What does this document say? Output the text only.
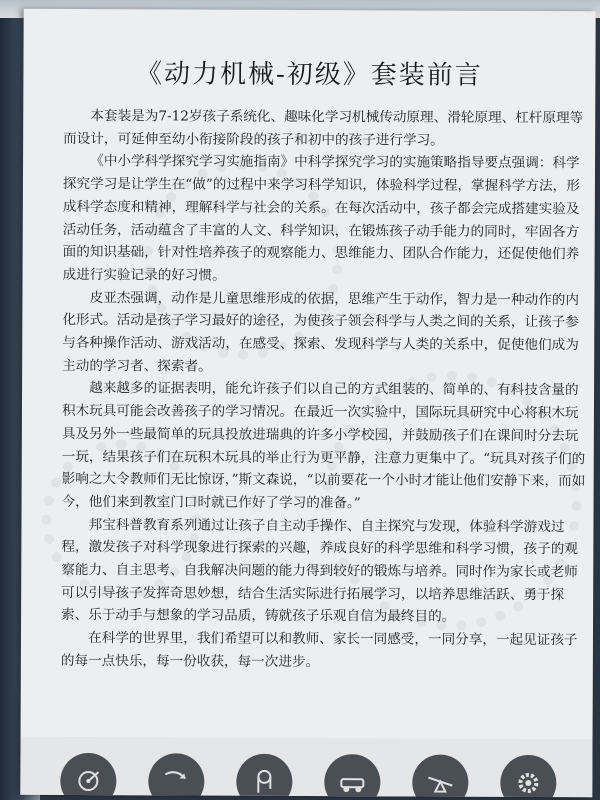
《动力机械-初级》套装前言

本套装是为7-12岁孩子系统化、趣味化学习机械传动原理、滑轮原理、杠杆原理等而设计，可延伸至幼小衔接阶段的孩子和初中的孩子进行学习。

《中小学科学探究学习实施指南》中科学探究学习的实施策略指导要点强调：科学探究学习是让学生在“做”的过程中来学习科学知识，体验科学过程，掌握科学方法，形成科学态度和精神，理解科学与社会的关系。在每次活动中，孩子都会完成搭建实验及活动任务，活动蕴含了丰富的人文、科学知识，在锻炼孩子动手能力的同时，牢固各方面的知识基础，针对性培养孩子的观察能力、思维能力、团队合作能力，还促使他们养成进行实验记录的好习惯。

皮亚杰强调，动作是儿童思维形成的依据，思维产生于动作，智力是一种动作的内化形式。活动是孩子学习最好的途径，为使孩子领会科学与人类之间的关系，让孩子参与各种操作活动、游戏活动，在感受、探索、发现科学与人类的关系中，促使他们成为主动的学习者、探索者。

越来越多的证据表明，能允许孩子们以自己的方式组装的、简单的、有科技含量的积木玩具可能会改善孩子的学习情况。在最近一次实验中，国际玩具研究中心将积木玩具及另外一些最简单的玩具投放进瑞典的许多小学校园，并鼓励孩子们在课间时分去玩一玩，结果孩子们在玩积木玩具的举止行为更平静，注意力更集中了。“玩具对孩子们的影响之大令教师们无比惊讶，”斯文森说，“以前要花一个小时才能让他们安静下来，而如今，他们来到教室门口时就已作好了学习的准备。”

邦宝科普教育系列通过让孩子自主动手操作、自主探究与发现，体验科学游戏过程，激发孩子对科学现象进行探索的兴趣，养成良好的科学思维和科学习惯，孩子的观察能力、自主思考、自我解决问题的能力得到较好的锻炼与培养。同时作为家长或老师可以引导孩子发挥奇思妙想，结合生活实际进行拓展学习，以培养思维活跃、勇于探索、乐于动手与想象的学习品质，铸就孩子乐观自信为最终目的。

在科学的世界里，我们希望可以和教师、家长一同感受，一同分享，一起见证孩子的每一点快乐，每一份收获，每一次进步。
